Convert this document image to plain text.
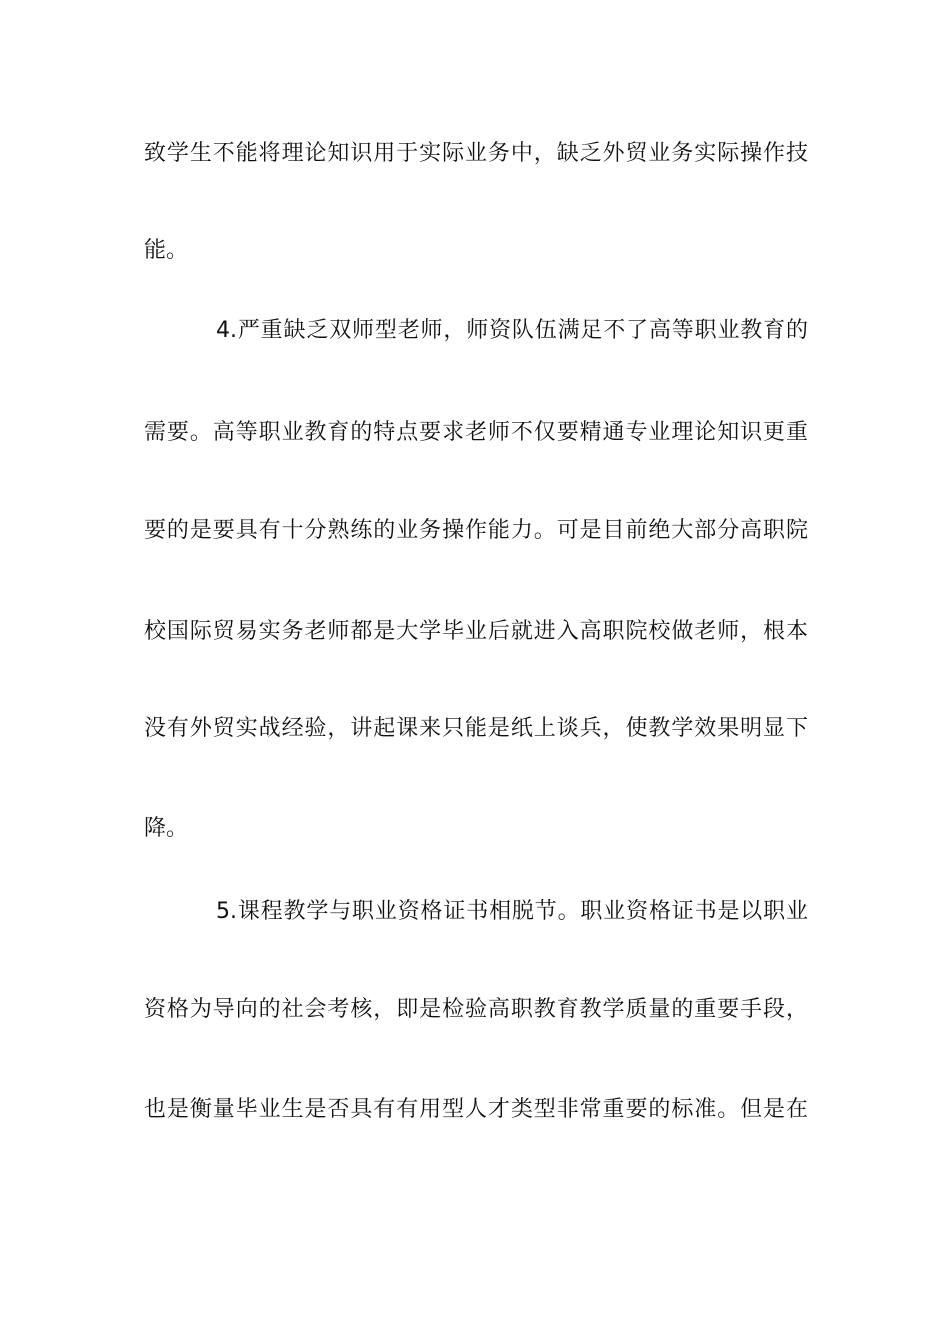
致学生不能将理论知识用于实际业务中，缺乏外贸业务实际操作技
能。
4.严重缺乏双师型老师，师资队伍满足不了高等职业教育的
需要。高等职业教育的特点要求老师不仅要精通专业理论知识更重
要的是要具有十分熟练的业务操作能力。可是目前绝大部分高职院
校国际贸易实务老师都是大学毕业后就进入高职院校做老师，根本
没有外贸实战经验，讲起课来只能是纸上谈兵，使教学效果明显下
降。
5.课程教学与职业资格证书相脱节。职业资格证书是以职业
资格为导向的社会考核，即是检验高职教育教学质量的重要手段，
也是衡量毕业生是否具有有用型人才类型非常重要的标准。但是在
